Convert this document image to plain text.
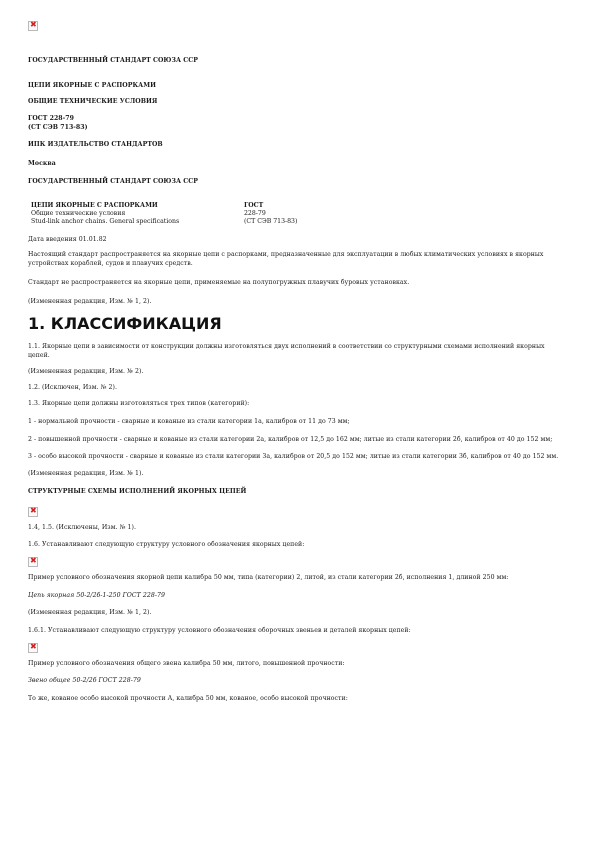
✖

ГОСУДАРСТВЕННЫЙ СТАНДАРТ СОЮЗА ССР

ЦЕПИ ЯКОРНЫЕ С РАСПОРКАМИ

ОБЩИЕ ТЕХНИЧЕСКИЕ УСЛОВИЯ

ГОСТ 228-79

(СТ СЭВ 713-83)

ИПК ИЗДАТЕЛЬСТВО СТАНДАРТОВ

Москва

ГОСУДАРСТВЕННЫЙ СТАНДАРТ СОЮЗА ССР

ЦЕПИ ЯКОРНЫЕ С РАСПОРКАМИ
Общие технические условия
Stud-link anchor chains. General specifications
ГОСТ
228-79
(СТ СЭВ 713-83)

Дата введения 01.01.82

Настоящий стандарт распространяется на якорные цепи с распорками, предназначенные для эксплуатации в любых климатических условиях в якорных устройствах кораблей, судов и плавучих средств.

Стандарт не распространяется на якорные цепи, применяемые на полупогружных плавучих буровых установках.

(Измененная редакция, Изм. № 1, 2).

1. КЛАССИФИКАЦИЯ

1.1. Якорные цепи в зависимости от конструкции должны изготовляться двух исполнений в соответствии со структурными схемами исполнений якорных цепей.

(Измененная редакция, Изм. № 2).

1.2. (Исключен, Изм. № 2).

1.3. Якорные цепи должны изготовляться трех типов (категорий):

1 - нормальной прочности - сварные и кованые из стали категории 1а, калибров от 11 до 73 мм;

2 - повышенной прочности - сварные и кованые из стали категории 2а, калибров от 12,5 до 162 мм; литые из стали категории 2б, калибров от 40 до 152 мм;

3 - особо высокой прочности - сварные и кованые из стали категории 3а, калибров от 20,5 до 152 мм; литые из стали категории 3б, калибров от 40 до 152 мм.

(Измененная редакция, Изм. № 1).

СТРУКТУРНЫЕ СХЕМЫ ИСПОЛНЕНИЙ ЯКОРНЫХ ЦЕПЕЙ

✖

1.4, 1.5. (Исключены, Изм. № 1).

1.6. Устанавливают следующую структуру условного обозначения якорных цепей:

✖

Пример условного обозначения якорной цепи калибра 50 мм, типа (категории) 2, литой, из стали категории 2б, исполнения 1, длиной 250 мм:

Цепь якорная 50-2/2б-1-250 ГОСТ 228-79

(Измененная редакция, Изм. № 1, 2).

1.6.1. Устанавливают следующую структуру условного обозначения оборочных звеньев и деталей якорных цепей:

✖

Пример условного обозначения общего звена калибра 50 мм, литого, повышенной прочности:

Звено общее 50-2/2б ГОСТ 228-79

То же, кованое особо высокой прочности А, калибра 50 мм, кованое, особо высокой прочности:
